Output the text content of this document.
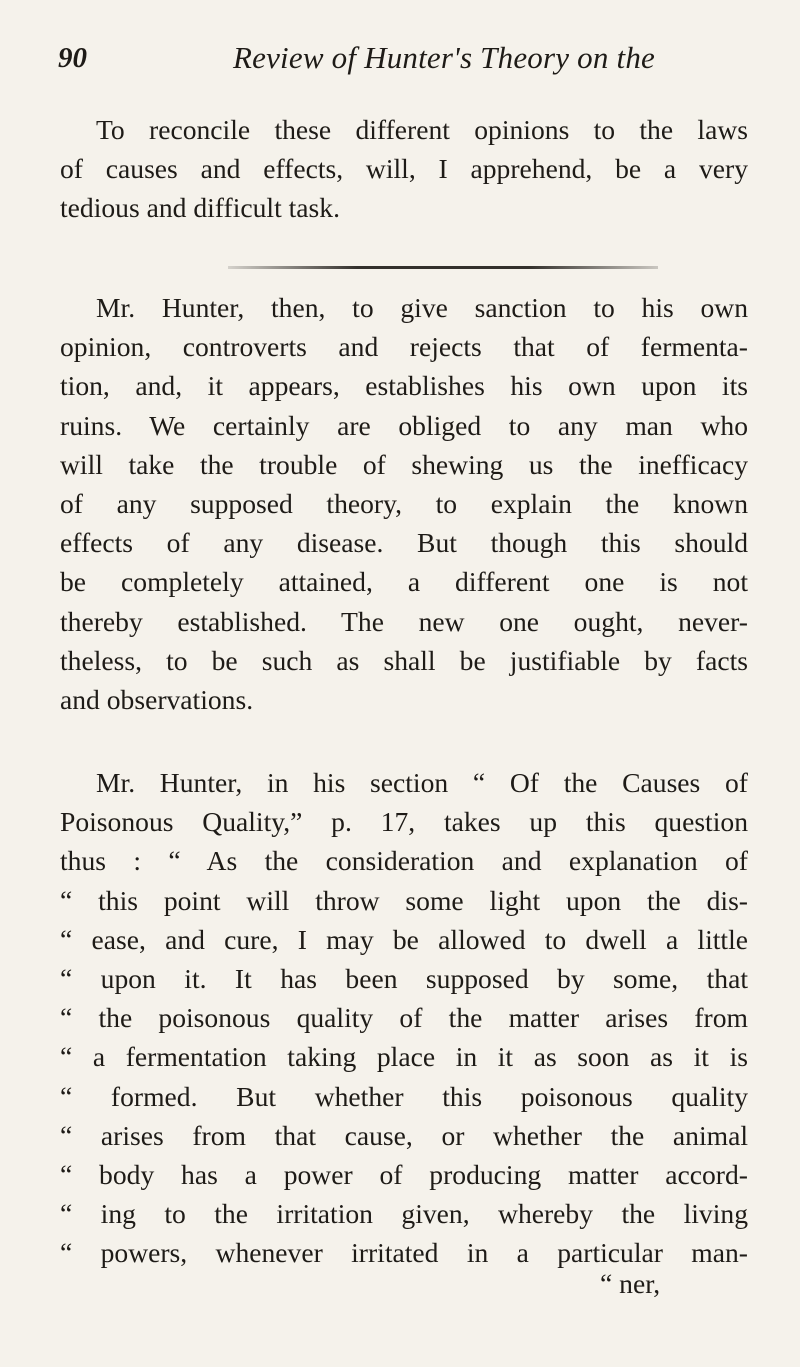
90	Review of Hunter's Theory on the
To reconcile these different opinions to the laws
of causes and effects, will, I apprehend, be a very
tedious and difficult task.
Mr. Hunter, then, to give sanction to his own
opinion, controverts and rejects that of fermenta-
tion, and, it appears, establishes his own upon its
ruins. We certainly are obliged to any man who
will take the trouble of shewing us the inefficacy
of any supposed theory, to explain the known
effects of any disease. But though this should
be completely attained, a different one is not
thereby established. The new one ought, never-
theless, to be such as shall be justifiable by facts
and observations.
Mr. Hunter, in his section “ Of the Causes of
Poisonous Quality,” p. 17, takes up this question
thus : “ As the consideration and explanation of
“ this point will throw some light upon the dis-
“ ease, and cure, I may be allowed to dwell a little
“ upon it. It has been supposed by some, that
“ the poisonous quality of the matter arises from
“ a fermentation taking place in it as soon as it is
“ formed. But whether this poisonous quality
“ arises from that cause, or whether the animal
“ body has a power of producing matter accord-
“ ing to the irritation given, whereby the living
“ powers, whenever irritated in a particular man-
“ ner,
